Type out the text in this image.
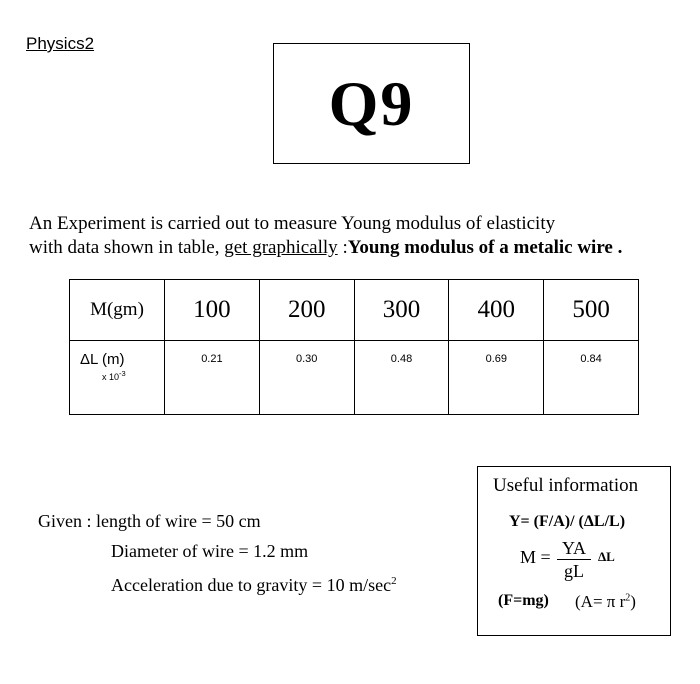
Physics2
Q9
An Experiment is carried out to measure Young modulus of elasticity
with data shown in table, get graphically :Young modulus of a metalic wire .
M(gm)	100	200	300	400	500
ΔL (m)
x $10^{-3}$	0.21	0.30	0.48	0.69	0.84
Given : length of wire = 50 cm
Diameter of wire = 1.2 mm
Acceleration due to gravity = 10 $m/\sec^2$
Useful information
Y= (F/A)/ (ΔL/L)
$M = \frac{YA}{gL}$ ΔL
(F=mg) (A= π $r^2$)
